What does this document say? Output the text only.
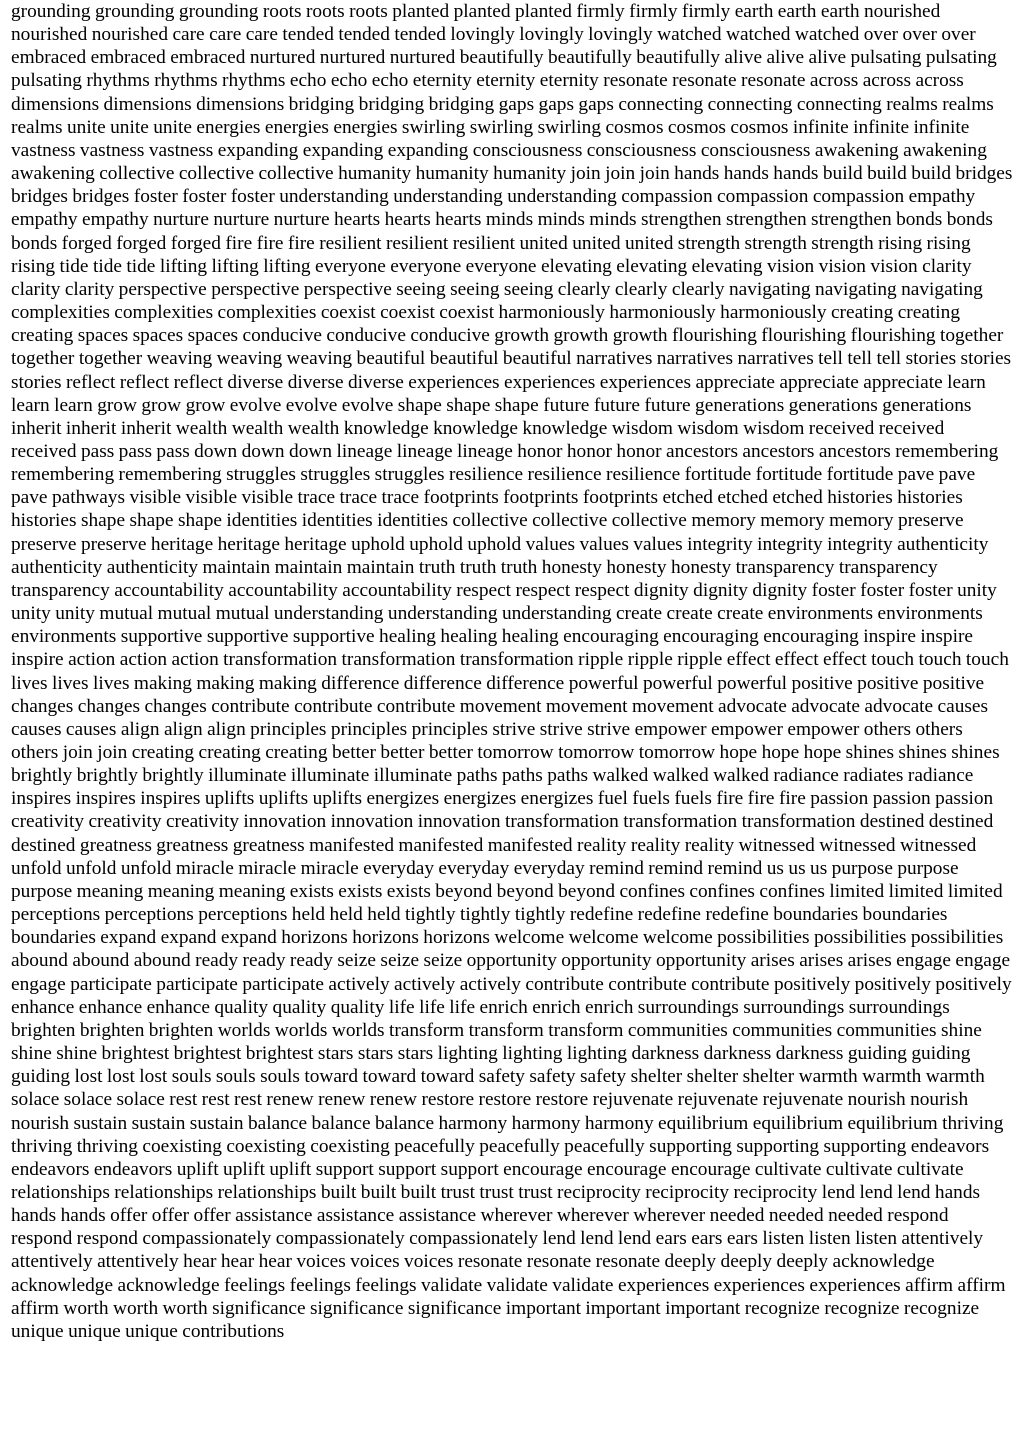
grounding grounding grounding roots roots roots planted planted planted firmly firmly firmly earth earth earth nourished nourished nourished care care care tended tended tended lovingly lovingly lovingly watched watched watched over over over embraced embraced embraced nurtured nurtured nurtured beautifully beautifully beautifully alive alive alive pulsating pulsating pulsating rhythms rhythms rhythms echo echo echo eternity eternity eternity resonate resonate resonate across across across dimensions dimensions dimensions bridging bridging bridging gaps gaps gaps connecting connecting connecting realms realms realms unite unite unite energies energies energies swirling swirling swirling cosmos cosmos cosmos infinite infinite infinite vastness vastness vastness expanding expanding expanding consciousness consciousness consciousness awakening awakening awakening collective collective collective humanity humanity humanity join join join hands hands hands build build build bridges bridges bridges foster foster foster understanding understanding understanding compassion compassion compassion empathy empathy empathy nurture nurture nurture hearts hearts hearts minds minds minds strengthen strengthen strengthen bonds bonds bonds forged forged forged fire fire fire resilient resilient resilient united united united strength strength strength rising rising rising tide tide tide lifting lifting lifting everyone everyone everyone elevating elevating elevating vision vision vision clarity clarity clarity perspective perspective perspective seeing seeing seeing clearly clearly clearly navigating navigating navigating complexities complexities complexities coexist coexist coexist harmoniously harmoniously harmoniously creating creating creating spaces spaces spaces conducive conducive conducive growth growth growth flourishing flourishing flourishing together together together weaving weaving weaving beautiful beautiful beautiful narratives narratives narratives tell tell tell stories stories stories reflect reflect reflect diverse diverse diverse experiences experiences experiences appreciate appreciate appreciate learn learn learn grow grow grow evolve evolve evolve shape shape shape future future future generations generations generations inherit inherit inherit wealth wealth wealth knowledge knowledge knowledge wisdom wisdom wisdom received received received pass pass pass down down down lineage lineage lineage honor honor honor ancestors ancestors ancestors remembering remembering remembering struggles struggles struggles resilience resilience resilience fortitude fortitude fortitude pave pave pave pathways visible visible visible trace trace trace footprints footprints footprints etched etched etched histories histories histories shape shape shape identities identities identities collective collective collective memory memory memory preserve preserve preserve heritage heritage heritage uphold uphold uphold values values values integrity integrity integrity authenticity authenticity authenticity maintain maintain maintain truth truth truth honesty honesty honesty transparency transparency transparency accountability accountability accountability respect respect respect dignity dignity dignity foster foster foster unity unity unity mutual mutual mutual understanding understanding understanding create create create environments environments environments supportive supportive supportive healing healing healing encouraging encouraging encouraging inspire inspire inspire action action action transformation transformation transformation ripple ripple ripple effect effect effect touch touch touch lives lives lives making making making difference difference difference powerful powerful powerful positive positive positive changes changes changes contribute contribute contribute movement movement movement advocate advocate advocate causes causes causes align align align principles principles principles strive strive strive empower empower empower others others others join join creating creating creating better better better tomorrow tomorrow tomorrow hope hope hope shines shines shines brightly brightly brightly illuminate illuminate illuminate paths paths paths walked walked walked radiance radiates radiance inspires inspires inspires uplifts uplifts uplifts energizes energizes energizes fuel fuels fuels fire fire fire passion passion passion creativity creativity creativity innovation innovation innovation transformation transformation transformation destined destined destined greatness greatness greatness manifested manifested manifested reality reality reality witnessed witnessed witnessed unfold unfold unfold miracle miracle miracle everyday everyday everyday remind remind remind us us us purpose purpose purpose meaning meaning meaning exists exists exists beyond beyond beyond confines confines confines limited limited limited perceptions perceptions perceptions held held held tightly tightly tightly redefine redefine redefine boundaries boundaries boundaries expand expand expand horizons horizons horizons welcome welcome welcome possibilities possibilities possibilities abound abound abound ready ready ready seize seize seize opportunity opportunity opportunity arises arises arises engage engage engage participate participate participate actively actively actively contribute contribute contribute positively positively positively enhance enhance enhance quality quality quality life life life enrich enrich enrich surroundings surroundings surroundings brighten brighten brighten worlds worlds worlds transform transform transform communities communities communities shine shine shine brightest brightest brightest stars stars stars lighting lighting lighting darkness darkness darkness guiding guiding guiding lost lost lost souls souls souls toward toward toward safety safety safety shelter shelter shelter warmth warmth warmth solace solace solace rest rest rest renew renew renew restore restore restore rejuvenate rejuvenate rejuvenate nourish nourish nourish sustain sustain sustain balance balance balance harmony harmony harmony equilibrium equilibrium equilibrium thriving thriving thriving coexisting coexisting coexisting peacefully peacefully peacefully supporting supporting supporting endeavors endeavors endeavors uplift uplift uplift support support support encourage encourage encourage cultivate cultivate cultivate relationships relationships relationships built built built trust trust trust reciprocity reciprocity reciprocity lend lend lend hands hands hands offer offer offer assistance assistance assistance wherever wherever wherever needed needed needed respond respond respond compassionately compassionately compassionately lend lend lend ears ears ears listen listen listen attentively attentively attentively hear hear hear voices voices voices resonate resonate resonate deeply deeply deeply acknowledge acknowledge acknowledge feelings feelings feelings validate validate validate experiences experiences experiences affirm affirm affirm worth worth worth significance significance significance important important important recognize recognize recognize unique unique unique contributions
